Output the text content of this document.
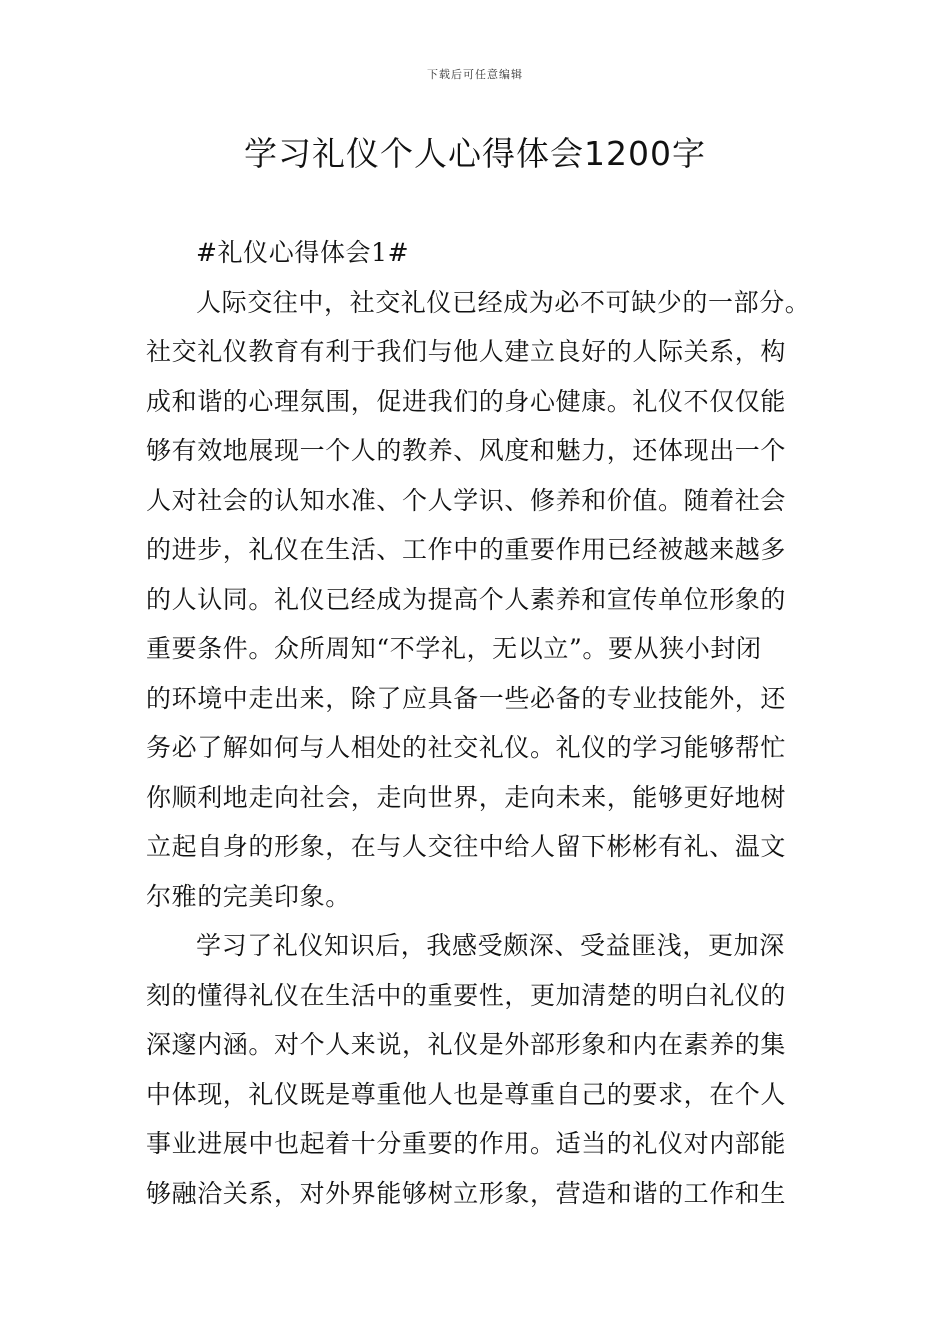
下载后可任意编辑
学习礼仪个人心得体会1200字
#礼仪心得体会1#
人际交往中，社交礼仪已经成为必不可缺少的一部分。
社交礼仪教育有利于我们与他人建立良好的人际关系，构
成和谐的心理氛围，促进我们的身心健康。礼仪不仅仅能
够有效地展现一个人的教养、风度和魅力，还体现出一个
人对社会的认知水准、个人学识、修养和价值。随着社会
的进步，礼仪在生活、工作中的重要作用已经被越来越多
的人认同。礼仪已经成为提高个人素养和宣传单位形象的
重要条件。众所周知“不学礼，无以立”。要从狭小封闭
的环境中走出来，除了应具备一些必备的专业技能外，还
务必了解如何与人相处的社交礼仪。礼仪的学习能够帮忙
你顺利地走向社会，走向世界，走向未来，能够更好地树
立起自身的形象，在与人交往中给人留下彬彬有礼、温文
尔雅的完美印象。
学习了礼仪知识后，我感受颇深、受益匪浅，更加深
刻的懂得礼仪在生活中的重要性，更加清楚的明白礼仪的
深邃内涵。对个人来说，礼仪是外部形象和内在素养的集
中体现，礼仪既是尊重他人也是尊重自己的要求，在个人
事业进展中也起着十分重要的作用。适当的礼仪对内部能
够融洽关系，对外界能够树立形象，营造和谐的工作和生
